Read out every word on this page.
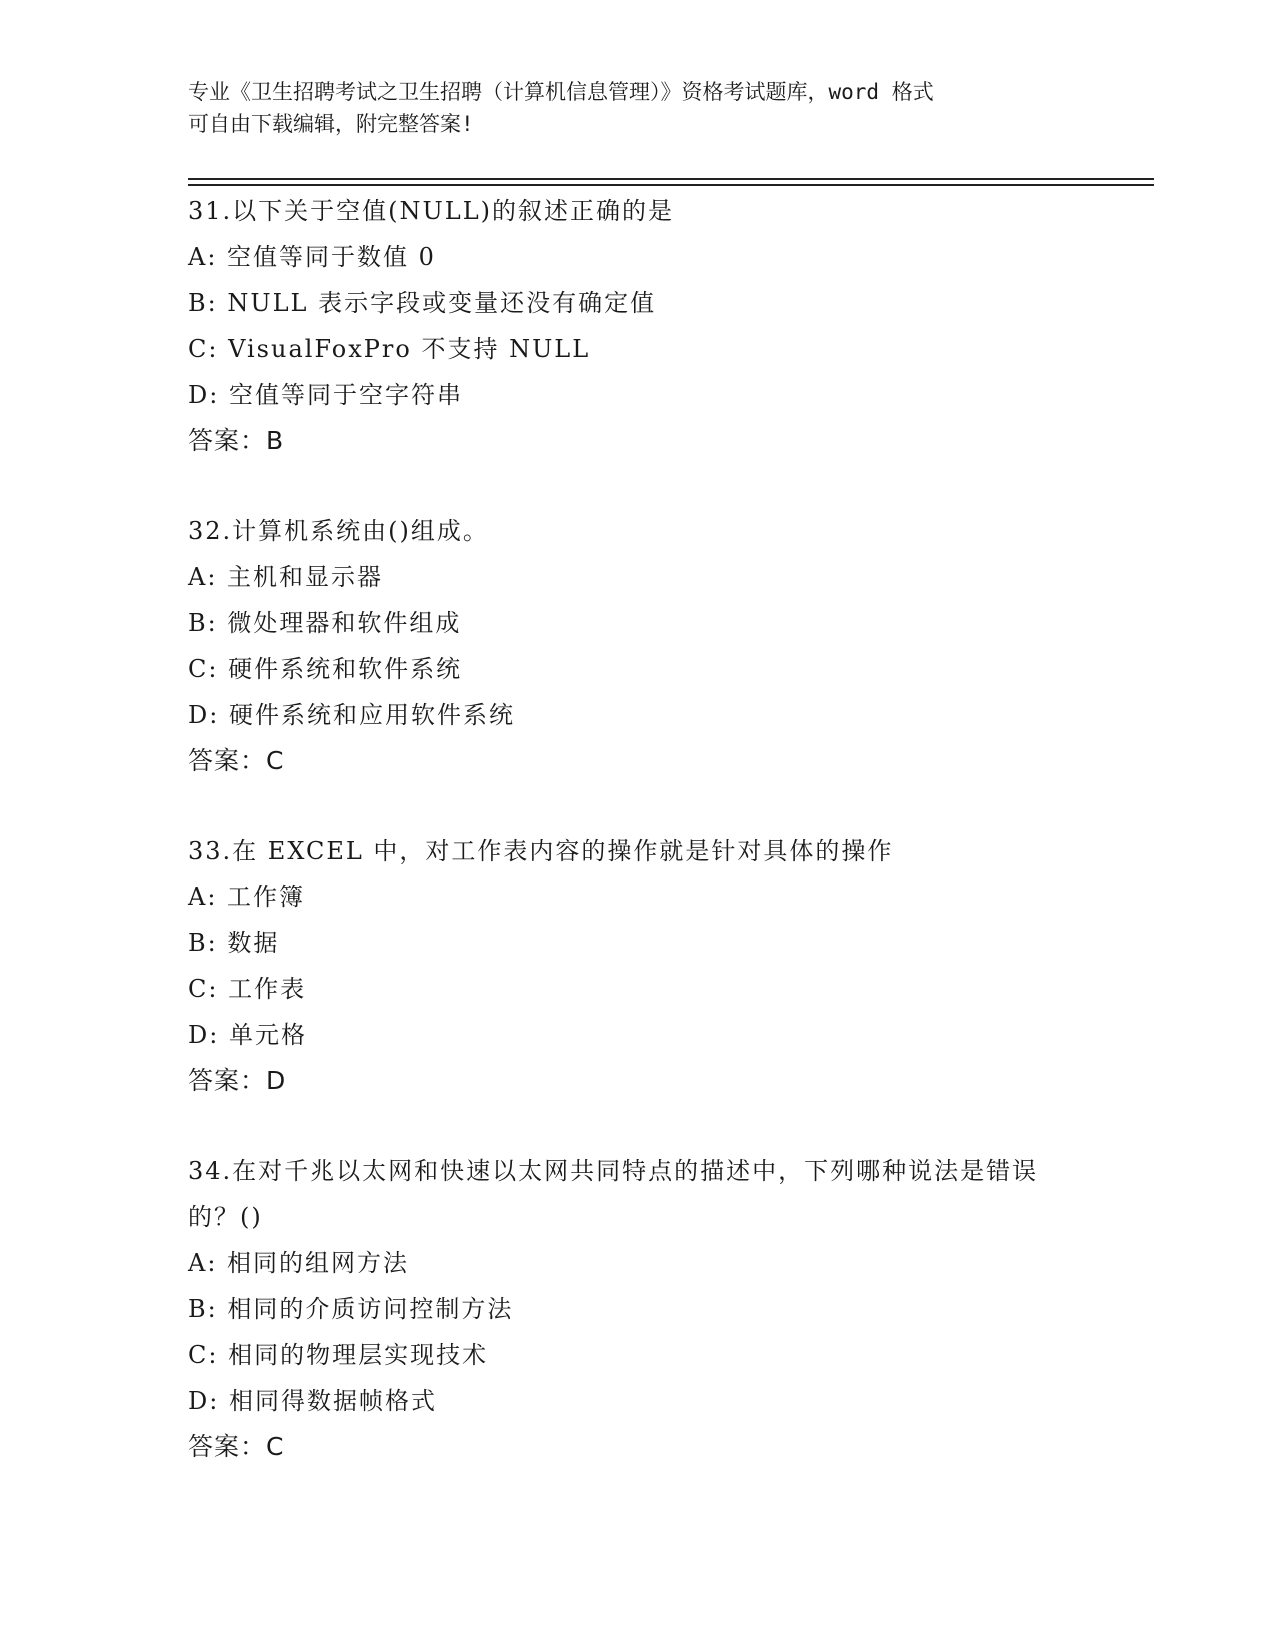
专业《卫生招聘考试之卫生招聘（计算机信息管理）》资格考试题库，word 格式
可自由下载编辑，附完整答案!
31.以下关于空值(NULL)的叙述正确的是
A: 空值等同于数值 0
B: NULL 表示字段或变量还没有确定值
C: VisualFoxPro 不支持 NULL
D: 空值等同于空字符串
答案：B
32.计算机系统由()组成。
A: 主机和显示器
B: 微处理器和软件组成
C: 硬件系统和软件系统
D: 硬件系统和应用软件系统
答案：C
33.在 EXCEL 中，对工作表内容的操作就是针对具体的操作
A: 工作簿
B: 数据
C: 工作表
D: 单元格
答案：D
34.在对千兆以太网和快速以太网共同特点的描述中，下列哪种说法是错误的？()
A: 相同的组网方法
B: 相同的介质访问控制方法
C: 相同的物理层实现技术
D: 相同得数据帧格式
答案：C
